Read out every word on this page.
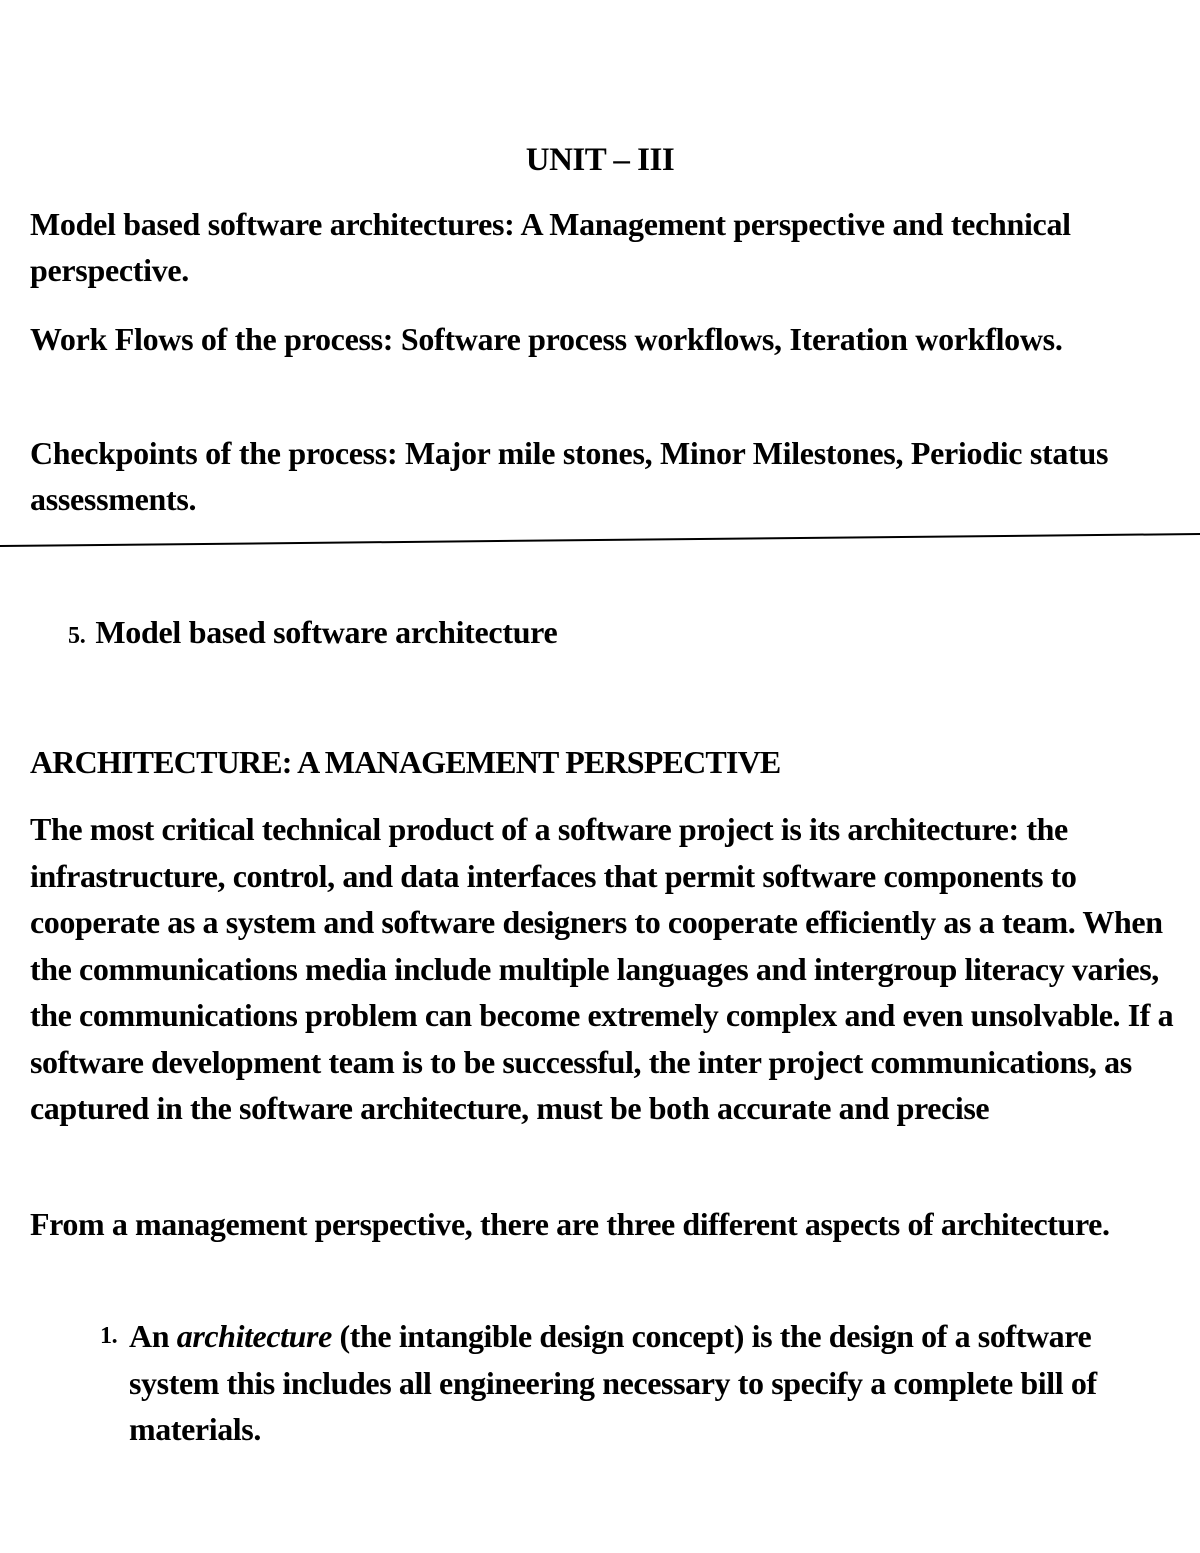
UNIT – III
Model based software architectures: A Management perspective and technical perspective.
Work Flows of the process: Software process workflows, Iteration workflows.
Checkpoints of the process: Major mile stones, Minor Milestones, Periodic status assessments.
5. Model based software architecture
ARCHITECTURE: A MANAGEMENT PERSPECTIVE
The most critical technical product of a software project is its architecture: the infrastructure, control, and data interfaces that permit software components to cooperate as a system and software designers to cooperate efficiently as a team. When the communications media include multiple languages and intergroup literacy varies, the communications problem can become extremely complex and even unsolvable. If a software development team is to be successful, the inter project communications, as captured in the software architecture, must be both accurate and precise
From a management perspective, there are three different aspects of architecture.
1. An architecture (the intangible design concept) is the design of a software system this includes all engineering necessary to specify a complete bill of materials.
